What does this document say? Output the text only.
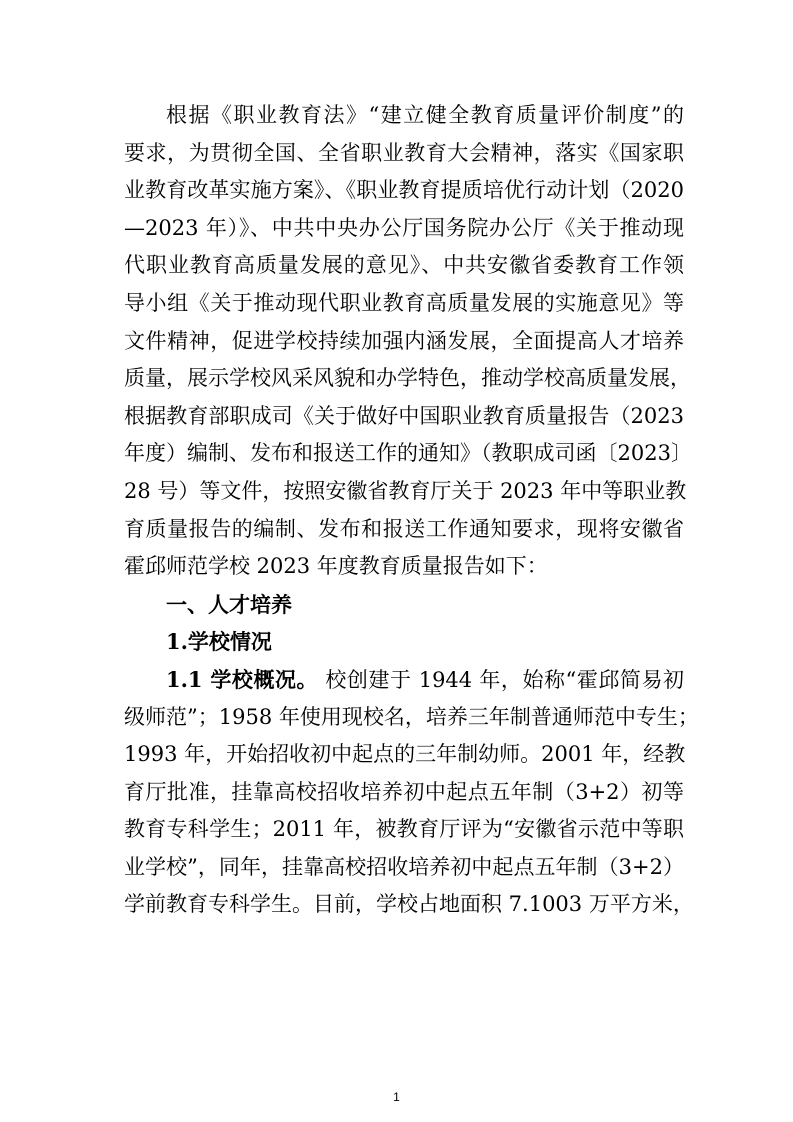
根据《职业教育法》“建立健全教育质量评价制度”的
要求，为贯彻全国、全省职业教育大会精神，落实《国家职
业教育改革实施方案》、《职业教育提质培优行动计划（2020
—2023 年）》、中共中央办公厅国务院办公厅《关于推动现
代职业教育高质量发展的意见》、中共安徽省委教育工作领
导小组《关于推动现代职业教育高质量发展的实施意见》等
文件精神，促进学校持续加强内涵发展，全面提高人才培养
质量，展示学校风采风貌和办学特色，推动学校高质量发展，
根据教育部职成司《关于做好中国职业教育质量报告（2023
年度）编制、发布和报送工作的通知》（教职成司函〔2023〕
28 号）等文件，按照安徽省教育厅关于 2023 年中等职业教
育质量报告的编制、发布和报送工作通知要求，现将安徽省
霍邱师范学校 2023 年度教育质量报告如下：
一、人才培养
1.学校情况
1.1 学校概况。 校创建于 1944 年，始称“霍邱简易初
级师范”；1958 年使用现校名，培养三年制普通师范中专生；
1993 年，开始招收初中起点的三年制幼师。2001 年，经教
育厅批准，挂靠高校招收培养初中起点五年制（3+2）初等
教育专科学生；2011 年，被教育厅评为“安徽省示范中等职
业学校”，同年，挂靠高校招收培养初中起点五年制（3+2）
学前教育专科学生。目前，学校占地面积 7.1003 万平方米，
1
